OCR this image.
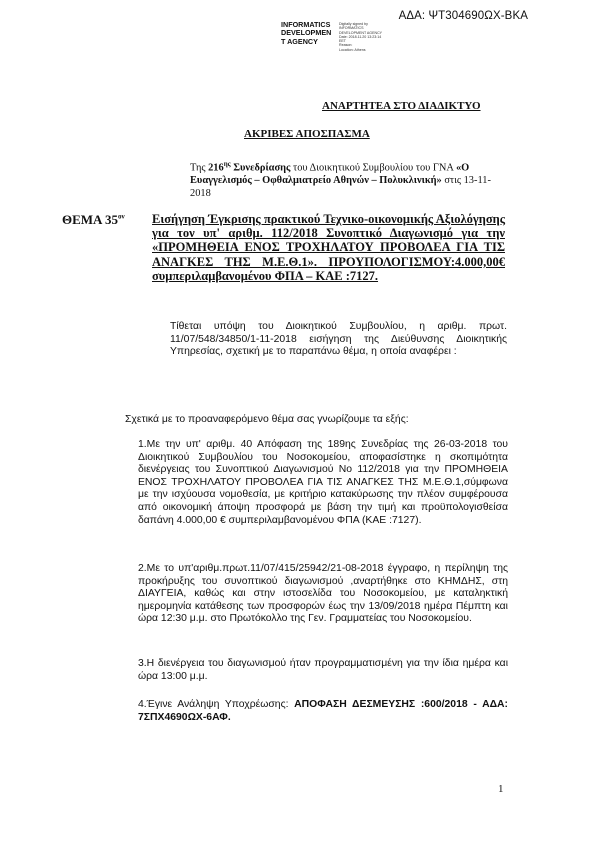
ΑΔΑ: ΨΤ304690ΩΧ-ΒΚΑ
INFORMATICS
DEVELOPMEN
T AGENCY
Digitally signed by
INFORMATICS
DEVELOPMENT AGENCY
Date: 2018.11.20 13:23:14
EET
Reason:
Location: Athens
ΑΝΑΡΤΗΤΕΑ ΣΤΟ ΔΙΑΔΙΚΤΥΟ
ΑΚΡΙΒΕΣ ΑΠΟΣΠΑΣΜΑ
Της $216^{\eta\varsigma}$ Συνεδρίασης του Διοικητικού Συμβουλίου του ΓΝΑ «Ο Ευαγγελισμός – Οφθαλμιατρείο Αθηνών – Πολυκλινική» στις 13-11-2018
ΘΕΜΑ $35^{o\nu}$ Εισήγηση Έγκρισης πρακτικού Τεχνικο-οικονομικής Αξιολόγησης για τον υπ' αριθμ. 112/2018 Συνοπτικό Διαγωνισμό για την «ΠΡΟΜΗΘΕΙΑ ΕΝΟΣ ΤΡΟΧΗΛΑΤΟΥ ΠΡΟΒΟΛΕΑ ΓΙΑ ΤΙΣ ΑΝΑΓΚΕΣ ΤΗΣ Μ.Ε.Θ.1». ΠΡΟΥΠΟΛΟΓΙΣΜΟΥ:4.000,00€ συμπεριλαμβανομένου ΦΠΑ – ΚΑΕ :7127.
Τίθεται υπόψη του Διοικητικού Συμβουλίου, η αριθμ. πρωτ. 11/07/548/34850/1-11-2018 εισήγηση της Διεύθυνσης Διοικητικής Υπηρεσίας, σχετική με το παραπάνω θέμα, η οποία αναφέρει :
Σχετικά με το προαναφερόμενο θέμα σας γνωρίζουμε τα εξής:
1.Με την υπ' αριθμ. 40 Απόφαση της 189ης Συνεδρίας της 26-03-2018 του Διοικητικού Συμβουλίου του Νοσοκομείου, αποφασίστηκε η σκοπιμότητα διενέργειας του Συνοπτικού Διαγωνισμού Νο 112/2018 για την ΠΡΟΜΗΘΕΙΑ ΕΝΟΣ ΤΡΟΧΗΛΑΤΟΥ ΠΡΟΒΟΛΕΑ ΓΙΑ ΤΙΣ ΑΝΑΓΚΕΣ ΤΗΣ Μ.Ε.Θ.1,σύμφωνα με την ισχύουσα νομοθεσία, με κριτήριο κατακύρωσης την πλέον συμφέρουσα από οικονομική άποψη προσφορά με βάση την τιμή και προϋπολογισθείσα δαπάνη 4.000,00 € συμπεριλαμβανομένου ΦΠΑ (ΚΑΕ :7127).
2.Με το υπ'αριθμ.πρωτ.11/07/415/25942/21-08-2018 έγγραφο, η περίληψη της προκήρυξης του συνοπτικού διαγωνισμού ,αναρτήθηκε στο ΚΗΜΔΗΣ, στη ΔΙΑΥΓΕΙΑ, καθώς και στην ιστοσελίδα του Νοσοκομείου, με καταληκτική ημερομηνία κατάθεσης των προσφορών έως την 13/09/2018 ημέρα Πέμπτη και ώρα 12:30 μ.μ. στο Πρωτόκολλο της Γεν. Γραμματείας του Νοσοκομείου.
3.Η διενέργεια του διαγωνισμού ήταν προγραμματισμένη για την ίδια ημέρα και ώρα 13:00 μ.μ.
4.Έγινε Ανάληψη Υποχρέωσης: ΑΠΟΦΑΣΗ ΔΕΣΜΕΥΣΗΣ :600/2018 - ΑΔΑ: 7ΣΠΧ4690ΩΧ-6ΑΦ.
1
